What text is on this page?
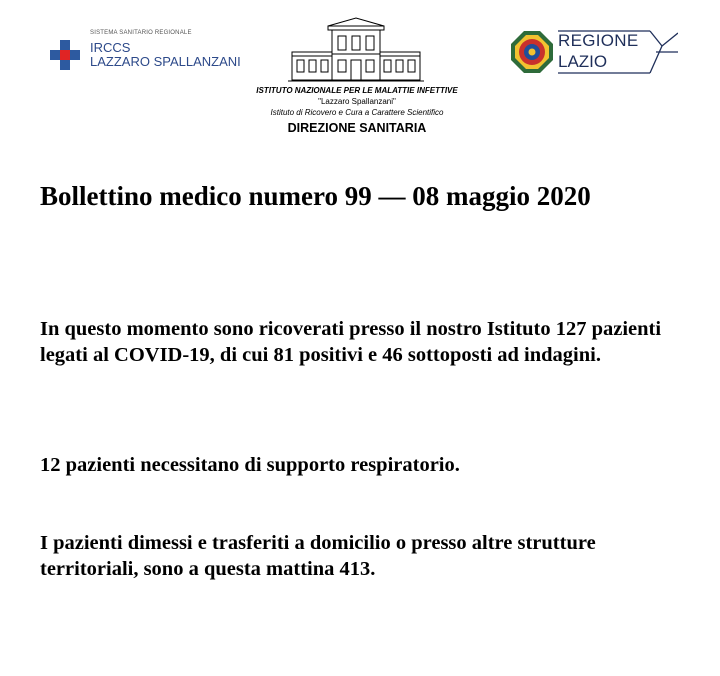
SISTEMA SANITARIO REGIONALE
IRCCS
LAZZARO SPALLANZANI
ISTITUTO NAZIONALE PER LE MALATTIE INFETTIVE
"Lazzaro Spallanzani"
Istituto di Ricovero e Cura a Carattere Scientifico
DIREZIONE SANITARIA
REGIONE
LAZIO
Bollettino medico numero 99 — 08 maggio 2020
In questo momento sono ricoverati presso il nostro Istituto 127 pazienti legati al COVID-19, di cui 81 positivi e 46 sottoposti ad indagini.
12 pazienti necessitano di supporto respiratorio.
I pazienti dimessi e trasferiti a domicilio o presso altre strutture territoriali, sono a questa mattina 413.
